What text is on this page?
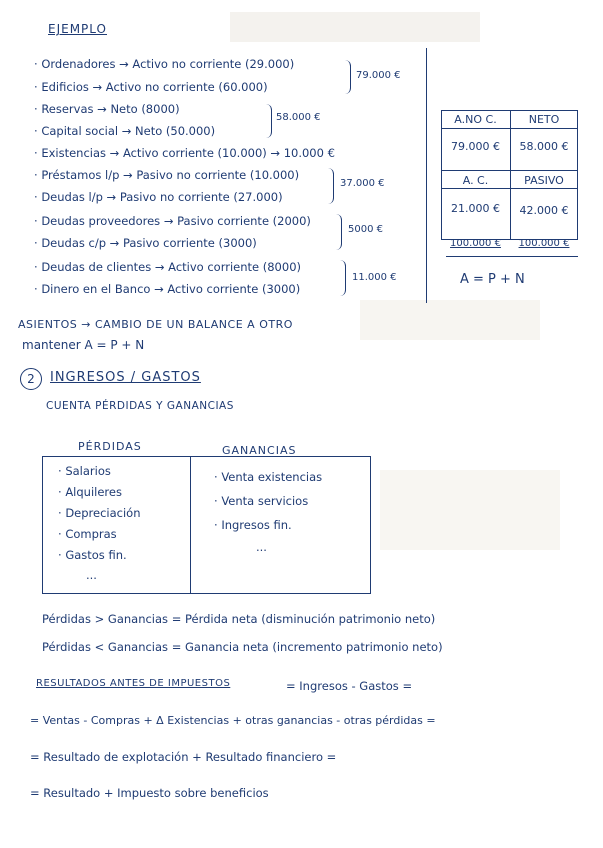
EJEMPLO
· Ordenadores → Activo no corriente (29.000)
· Edificios → Activo no corriente (60.000)
· Reservas → Neto (8000)
· Capital social → Neto (50.000)
· Existencias → Activo corriente (10.000) → 10.000 €
· Préstamos l/p → Pasivo no corriente (10.000)
· Deudas l/p → Pasivo no corriente (27.000)
· Deudas proveedores → Pasivo corriente (2000)
· Deudas c/p → Pasivo corriente (3000)
· Deudas de clientes → Activo corriente (8000)
· Dinero en el Banco → Activo corriente (3000)
79.000 €
58.000 €
37.000 €
5000 €
11.000 €
A.NO C.	NETO
79.000 €	58.000 €
A. C.	PASIVO
21.000 €	42.000 €
100.000 €	100.000 €
A = P + N
ASIENTOS → CAMBIO DE UN BALANCE A OTRO
mantener A = P + N
2	INGRESOS / GASTOS
CUENTA PÉRDIDAS Y GANANCIAS
PÉRDIDAS	GANANCIAS
· Salarios
· Alquileres
· Depreciación
· Compras
· Gastos fin.
...
· Venta existencias
· Venta servicios
· Ingresos fin.
...
Pérdidas > Ganancias = Pérdida neta (disminución patrimonio neto)
Pérdidas < Ganancias = Ganancia neta (incremento patrimonio neto)
RESULTADOS ANTES DE IMPUESTOS	= Ingresos - Gastos =
= Ventas - Compras + Δ Existencias + otras ganancias - otras pérdidas =
= Resultado de explotación + Resultado financiero =
= Resultado + Impuesto sobre beneficios
